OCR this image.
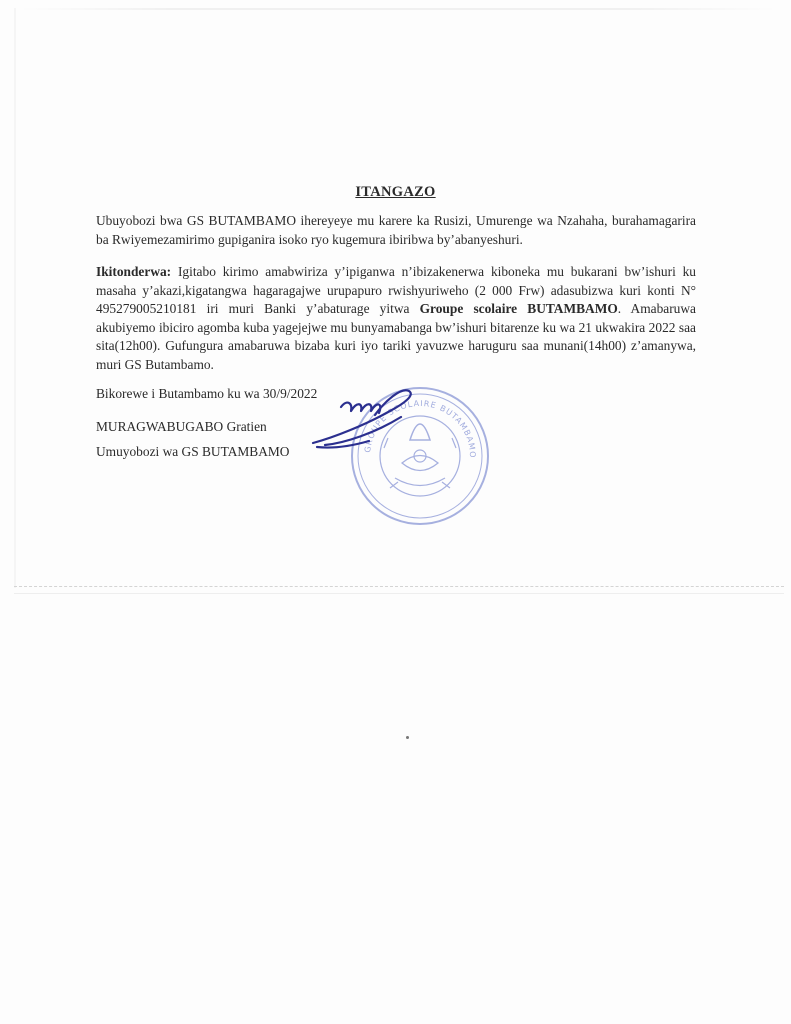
ITANGAZO
Ubuyobozi bwa GS BUTAMBAMO ihereyeye mu karere ka Rusizi, Umurenge wa Nzahaha, burahamagarira ba Rwiyemezamirimo gupiganira isoko ryo kugemura ibiribwa by’abanyeshuri.
Ikitonderwa: Igitabo kirimo amabwiriza y’ipiganwa n’ibizakenerwa kiboneka mu bukarani bw’ishuri ku masaha y’akazi,kigatangwa hagaragajwe urupapuro rwishyuriweho (2 000 Frw) adasubizwa kuri konti N° 495279005210181 iri muri Banki y’abaturage yitwa Groupe scolaire BUTAMBAMO. Amabaruwa akubiyemo ibiciro agomba kuba yagejejwe mu bunyamabanga bw’ishuri bitarenze ku wa 21 ukwakira 2022 saa sita(12h00). Gufungura amabaruwa bizaba kuri iyo tariki yavuzwe haruguru saa munani(14h00) z’amanywa, muri GS Butambamo.
Bikorewe i Butambamo ku wa 30/9/2022
MURAGWABUGABO Gratien
Umuyobozi wa GS BUTAMBAMO	GROUPE SCOLAIRE BUTAMBAMO
